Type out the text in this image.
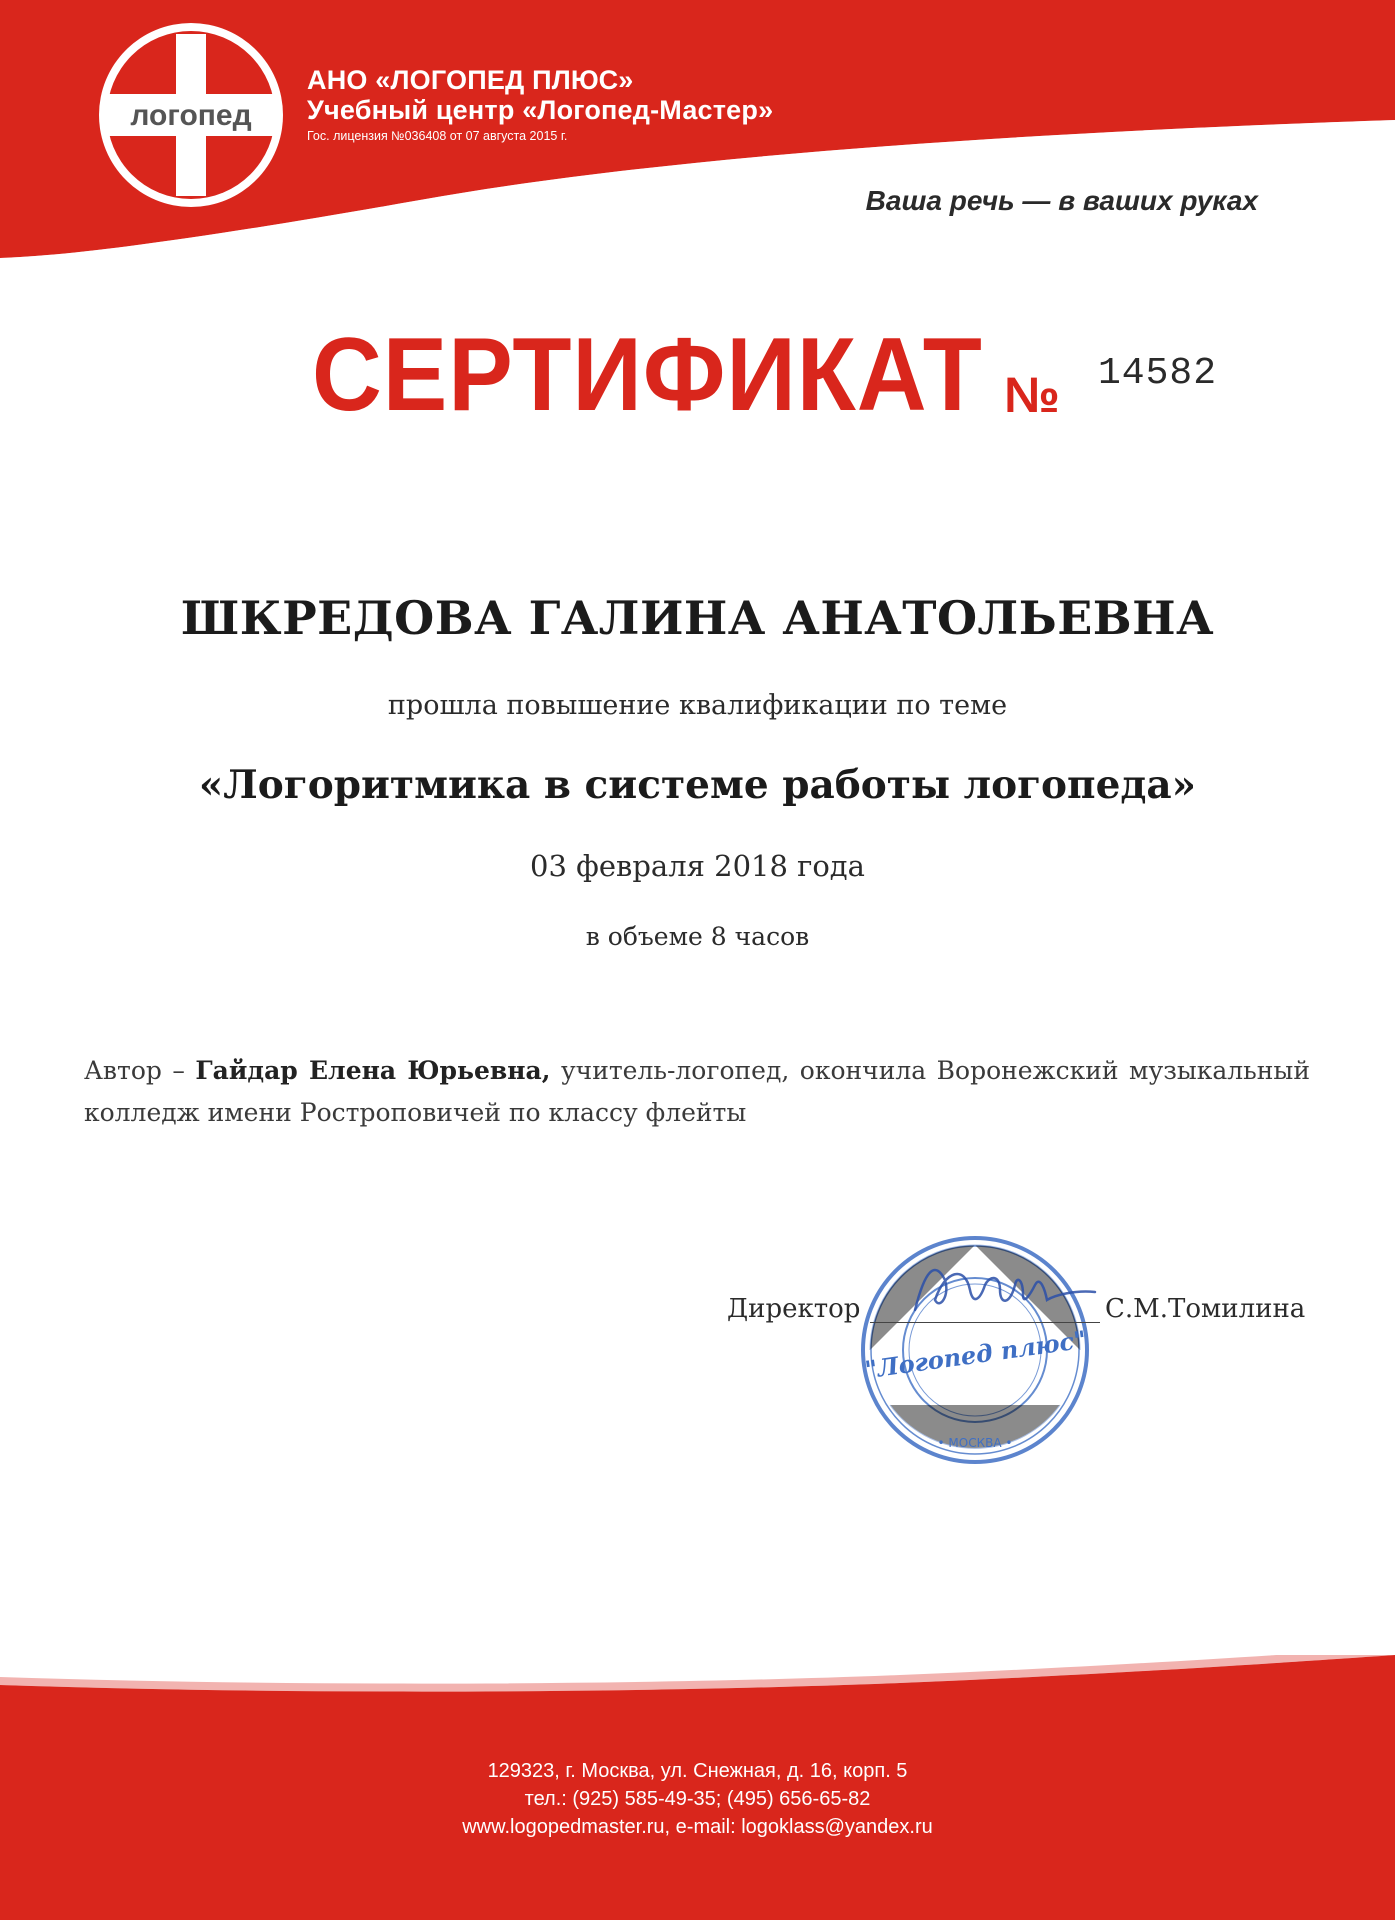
логопед
АНО «ЛОГОПЕД ПЛЮС»
Учебный центр «Логопед-Мастер»
Гос. лицензия №036408 от 07 августа 2015 г.
Ваша речь — в ваших руках
СЕРТИФИКАТ № 14582
ШКРЕДОВА ГАЛИНА АНАТОЛЬЕВНА
прошла повышение квалификации по теме
«Логоритмика в системе работы логопеда»
03 февраля 2018 года
в объеме 8 часов
Автор – Гайдар Елена Юрьевна, учитель-логопед, окончила Воронежский музыкальный колледж имени Ростроповичей по классу флейты
"Логопед плюс"
• МОСКВА •
Директор	С.М.Томилина
129323, г. Москва, ул. Снежная, д. 16, корп. 5
тел.: (925) 585-49-35; (495) 656-65-82
www.logopedmaster.ru, e-mail: logoklass@yandex.ru
